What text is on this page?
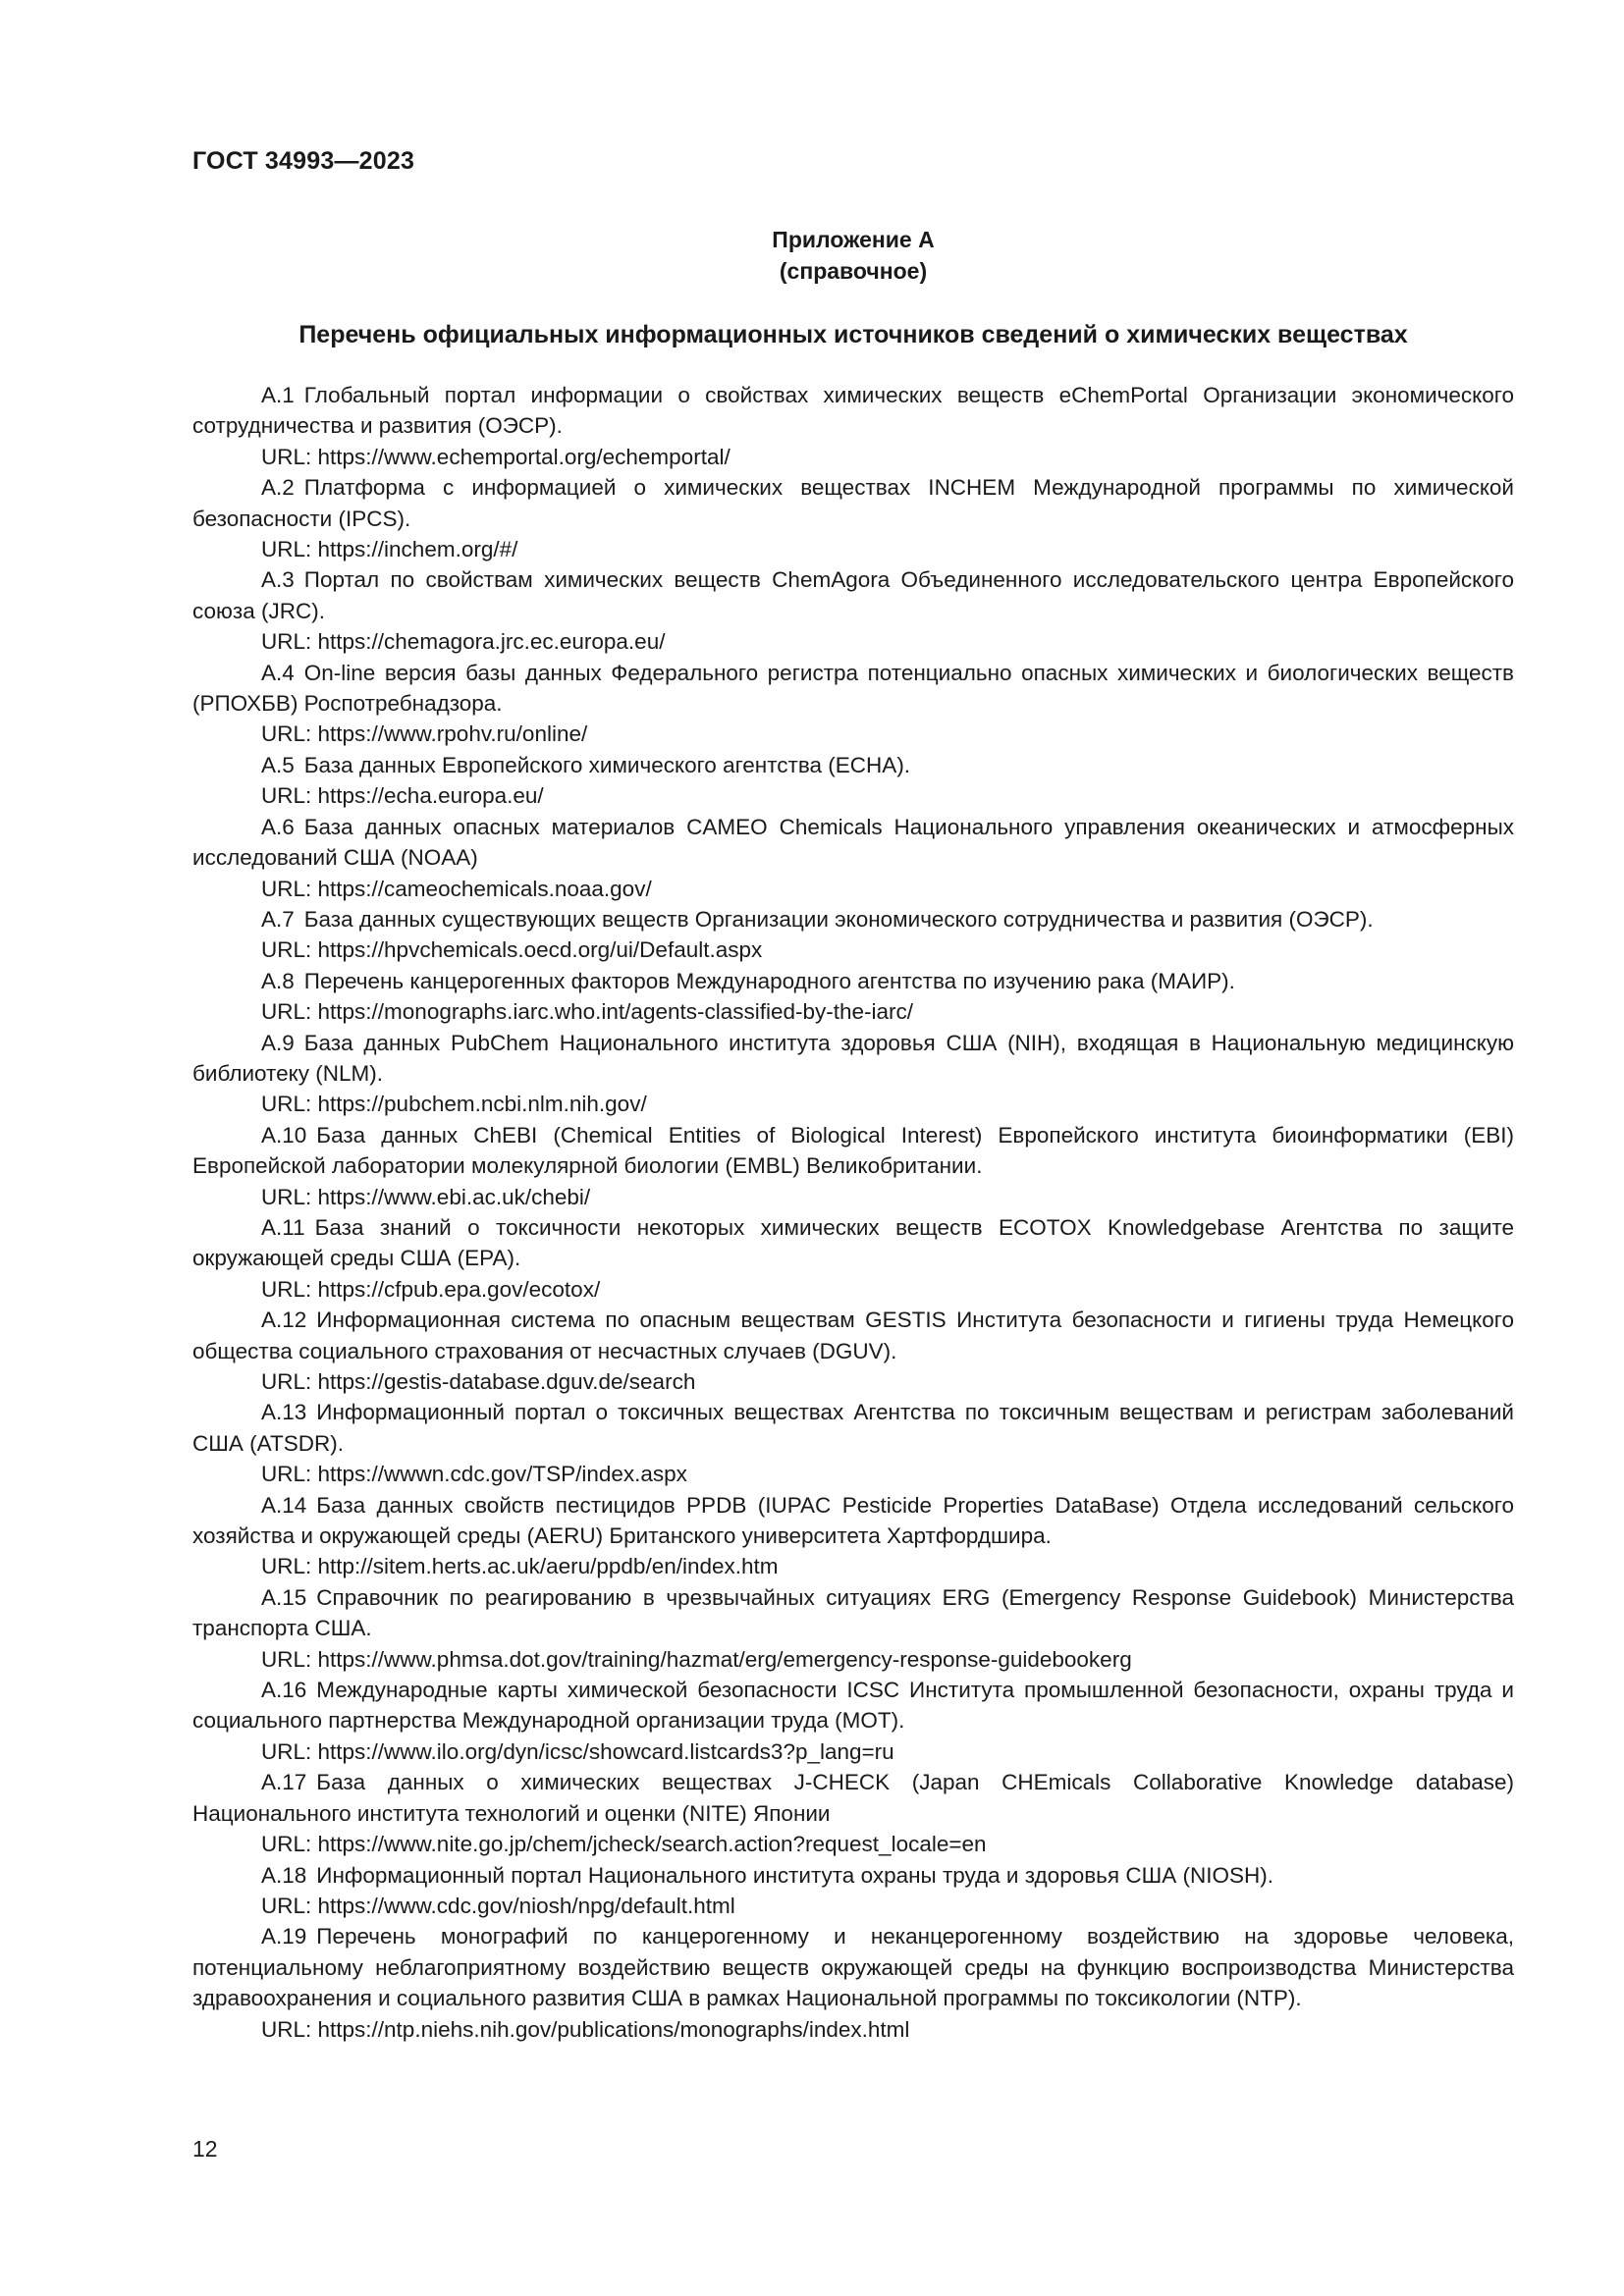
ГОСТ 34993—2023
Приложение А
(справочное)
Перечень официальных информационных источников сведений о химических веществах

А.1 Глобальный портал информации о свойствах химических веществ eChemPortal Организации экономического сотрудничества и развития (ОЭСР).

URL: https://www.echemportal.org/echemportal/

А.2 Платформа с информацией о химических веществах INCHEM Международной программы по химической безопасности (IPCS).

URL: https://inchem.org/#/

А.3 Портал по свойствам химических веществ ChemAgora Объединенного исследовательского центра Европейского союза (JRC).

URL: https://chemagora.jrc.ec.europa.eu/

А.4 On-line версия базы данных Федерального регистра потенциально опасных химических и биологических веществ (РПОХБВ) Роспотребнадзора.

URL: https://www.rpohv.ru/online/

А.5 База данных Европейского химического агентства (ECHA).

URL: https://echa.europa.eu/

А.6 База данных опасных материалов CAMEO Chemicals Национального управления океанических и атмосферных исследований США (NOAA)

URL: https://cameochemicals.noaa.gov/

А.7 База данных существующих веществ Организации экономического сотрудничества и развития (ОЭСР).

URL: https://hpvchemicals.oecd.org/ui/Default.aspx

А.8 Перечень канцерогенных факторов Международного агентства по изучению рака (МАИР).

URL: https://monographs.iarc.who.int/agents-classified-by-the-iarc/

А.9 База данных PubChem Национального института здоровья США (NIH), входящая в Национальную медицинскую библиотеку (NLM).

URL: https://pubchem.ncbi.nlm.nih.gov/

А.10 База данных ChEBI (Chemical Entities of Biological Interest) Европейского института биоинформатики (EBI) Европейской лаборатории молекулярной биологии (EMBL) Великобритании.

URL: https://www.ebi.ac.uk/chebi/

А.11 База знаний о токсичности некоторых химических веществ ECOTOX Knowledgebase Агентства по защите окружающей среды США (EPA).

URL: https://cfpub.epa.gov/ecotox/

А.12 Информационная система по опасным веществам GESTIS Института безопасности и гигиены труда Немецкого общества социального страхования от несчастных случаев (DGUV).

URL: https://gestis-database.dguv.de/search

А.13 Информационный портал о токсичных веществах Агентства по токсичным веществам и регистрам заболеваний США (ATSDR).

URL: https://wwwn.cdc.gov/TSP/index.aspx

А.14 База данных свойств пестицидов PPDB (IUPAC Pesticide Properties DataBase) Отдела исследований сельского хозяйства и окружающей среды (AERU) Британского университета Хартфордшира.

URL: http://sitem.herts.ac.uk/aeru/ppdb/en/index.htm

А.15 Справочник по реагированию в чрезвычайных ситуациях ERG (Emergency Response Guidebook) Министерства транспорта США.

URL: https://www.phmsa.dot.gov/training/hazmat/erg/emergency-response-guidebookerg

А.16 Международные карты химической безопасности ICSC Института промышленной безопасности, охраны труда и социального партнерства Международной организации труда (МОТ).

URL: https://www.ilo.org/dyn/icsc/showcard.listcards3?p_lang=ru

А.17 База данных о химических веществах J-CHECK (Japan CHEmicals Collaborative Knowledge database) Национального института технологий и оценки (NITE) Японии

URL: https://www.nite.go.jp/chem/jcheck/search.action?request_locale=en

А.18 Информационный портал Национального института охраны труда и здоровья США (NIOSH).

URL: https://www.cdc.gov/niosh/npg/default.html

А.19 Перечень монографий по канцерогенному и неканцерогенному воздействию на здоровье человека, потенциальному неблагоприятному воздействию веществ окружающей среды на функцию воспроизводства Министерства здравоохранения и социального развития США в рамках Национальной программы по токсикологии (NTP).

URL: https://ntp.niehs.nih.gov/publications/monographs/index.html

12
